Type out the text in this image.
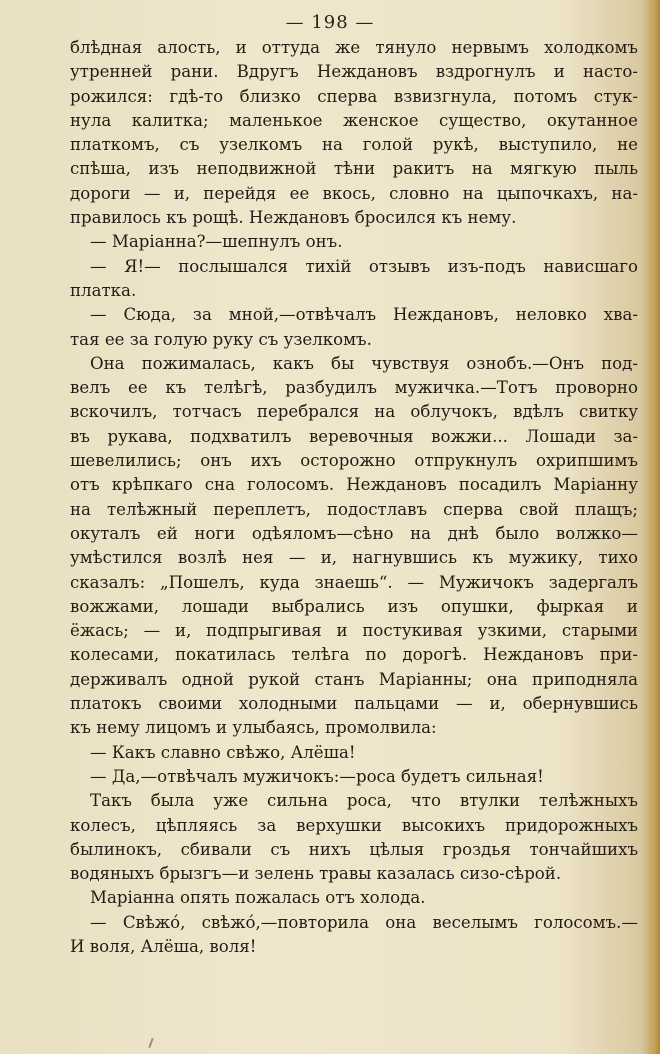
— 198 —
блѣдная алость, и оттуда же тянуло нервымъ холодкомъ
утренней рани. Вдругъ Неждановъ вздрогнулъ и насто-
рожился: гдѣ-то близко сперва взвизгнула, потомъ стук-
нула калитка; маленькое женское существо, окутанное
платкомъ, съ узелкомъ на голой рукѣ, выступило, не
спѣша, изъ неподвижной тѣни ракитъ на мягкую пыль
дороги — и, перейдя ее вкось, словно на цыпочкахъ, на-
правилось къ рощѣ. Неждановъ бросился къ нему.
— Маріанна?—шепнулъ онъ.
— Я!— послышался тихій отзывъ изъ-подъ нависшаго
платка.
— Сюда, за мной,—отвѣчалъ Неждановъ, неловко хва-
тая ее за голую руку съ узелкомъ.
Она пожималась, какъ бы чувствуя ознобъ.—Онъ под-
велъ ее къ телѣгѣ, разбудилъ мужичка.—Тотъ проворно
вскочилъ, тотчасъ перебрался на облучокъ, вдѣлъ свитку
въ рукава, подхватилъ веревочныя вожжи... Лошади за-
шевелились; онъ ихъ осторожно отпрукнулъ охрипшимъ
отъ крѣпкаго сна голосомъ. Неждановъ посадилъ Маріанну
на телѣжный переплетъ, подостлавъ сперва свой плащъ;
окуталъ ей ноги одѣяломъ—сѣно на днѣ было волжко—
умѣстился возлѣ нея — и, нагнувшись къ мужику, тихо
сказалъ: „Пошелъ, куда знаешь“. — Мужичокъ задергалъ
вожжами, лошади выбрались изъ опушки, фыркая и
ёжась; — и, подпрыгивая и постукивая узкими, старыми
колесами, покатилась телѣга по дорогѣ. Неждановъ при-
держивалъ одной рукой станъ Маріанны; она приподняла
платокъ своими холодными пальцами — и, обернувшись
къ нему лицомъ и улыбаясь, промолвила:
— Какъ славно свѣжо, Алёша!
— Да,—отвѣчалъ мужичокъ:—роса будетъ сильная!
Такъ была уже сильна роса, что втулки телѣжныхъ
колесъ, цѣпляясь за верхушки высокихъ придорожныхъ
былинокъ, сбивали съ нихъ цѣлыя гроздья тончайшихъ
водяныхъ брызгъ—и зелень травы казалась сизо-сѣрой.
Маріанна опять пожалась отъ холода.
— Свѣжо́, свѣжо́,—повторила она веселымъ голосомъ.—
И воля, Алёша, воля!
